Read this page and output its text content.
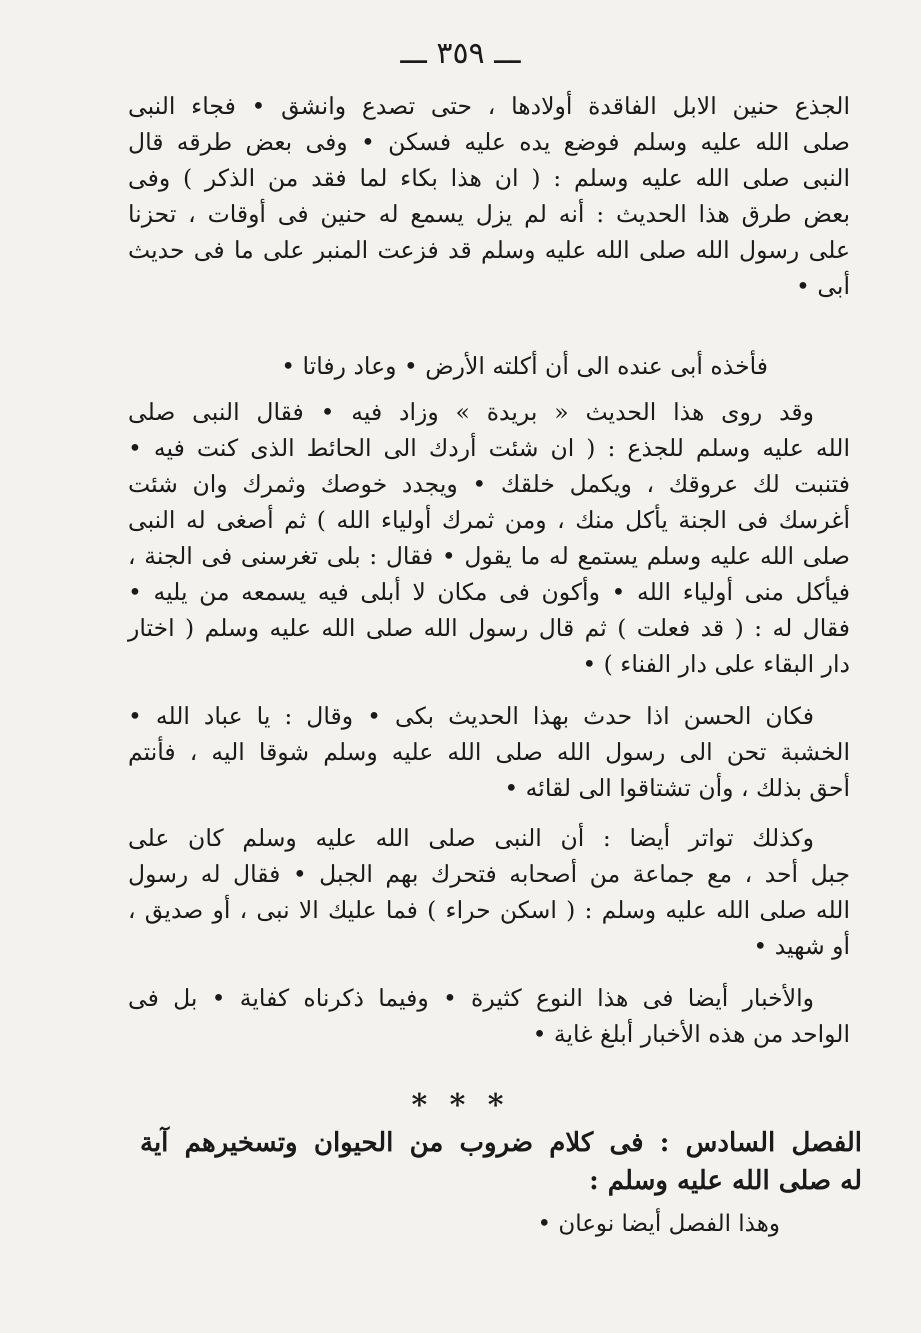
ـــ ٣٥٩ ـــ
الجذع حنين الابل الفاقدة أولادها ، حتى تصدع وانشق • فجاء النبى
صلى الله عليه وسلم فوضع يده عليه فسكن • وفى بعض طرقه قال
النبى صلى الله عليه وسلم : ( ان هذا بكاء لما فقد من الذكر ) وفى
بعض طرق هذا الحديث : أنه لم يزل يسمع له حنين فى أوقات ، تحزنا
على رسول الله صلى الله عليه وسلم قد فزعت المنبر على ما فى حديث
أبى •
فأخذه أبى عنده الى أن أكلته الأرض • وعاد رفاتا •
وقد روى هذا الحديث « بريدة » وزاد فيه • فقال النبى صلى
الله عليه وسلم للجذع : ( ان شئت أردك الى الحائط الذى كنت فيه •
فتنبت لك عروقك ، ويكمل خلقك • ويجدد خوصك وثمرك وان شئت
أغرسك فى الجنة يأكل منك ، ومن ثمرك أولياء الله ) ثم أصغى له النبى
صلى الله عليه وسلم يستمع له ما يقول • فقال : بلى تغرسنى فى الجنة ،
فيأكل منى أولياء الله • وأكون فى مكان لا أبلى فيه يسمعه من يليه •
فقال له : ( قد فعلت ) ثم قال رسول الله صلى الله عليه وسلم ( اختار
دار البقاء على دار الفناء ) •
فكان الحسن اذا حدث بهذا الحديث بكى • وقال : يا عباد الله •
الخشبة تحن الى رسول الله صلى الله عليه وسلم شوقا اليه ، فأنتم
أحق بذلك ، وأن تشتاقوا الى لقائه •
وكذلك تواتر أيضا : أن النبى صلى الله عليه وسلم كان على
جبل أحد ، مع جماعة من أصحابه فتحرك بهم الجبل • فقال له رسول
الله صلى الله عليه وسلم : ( اسكن حراء ) فما عليك الا نبى ، أو صديق ،
أو شهيد •
والأخبار أيضا فى هذا النوع كثيرة • وفيما ذكرناه كفاية • بل فى
الواحد من هذه الأخبار أبلغ غاية •
* * *
الفصل السادس : فى كلام ضروب من الحيوان وتسخيرهم آية
له صلى الله عليه وسلم :
وهذا الفصل أيضا نوعان •
